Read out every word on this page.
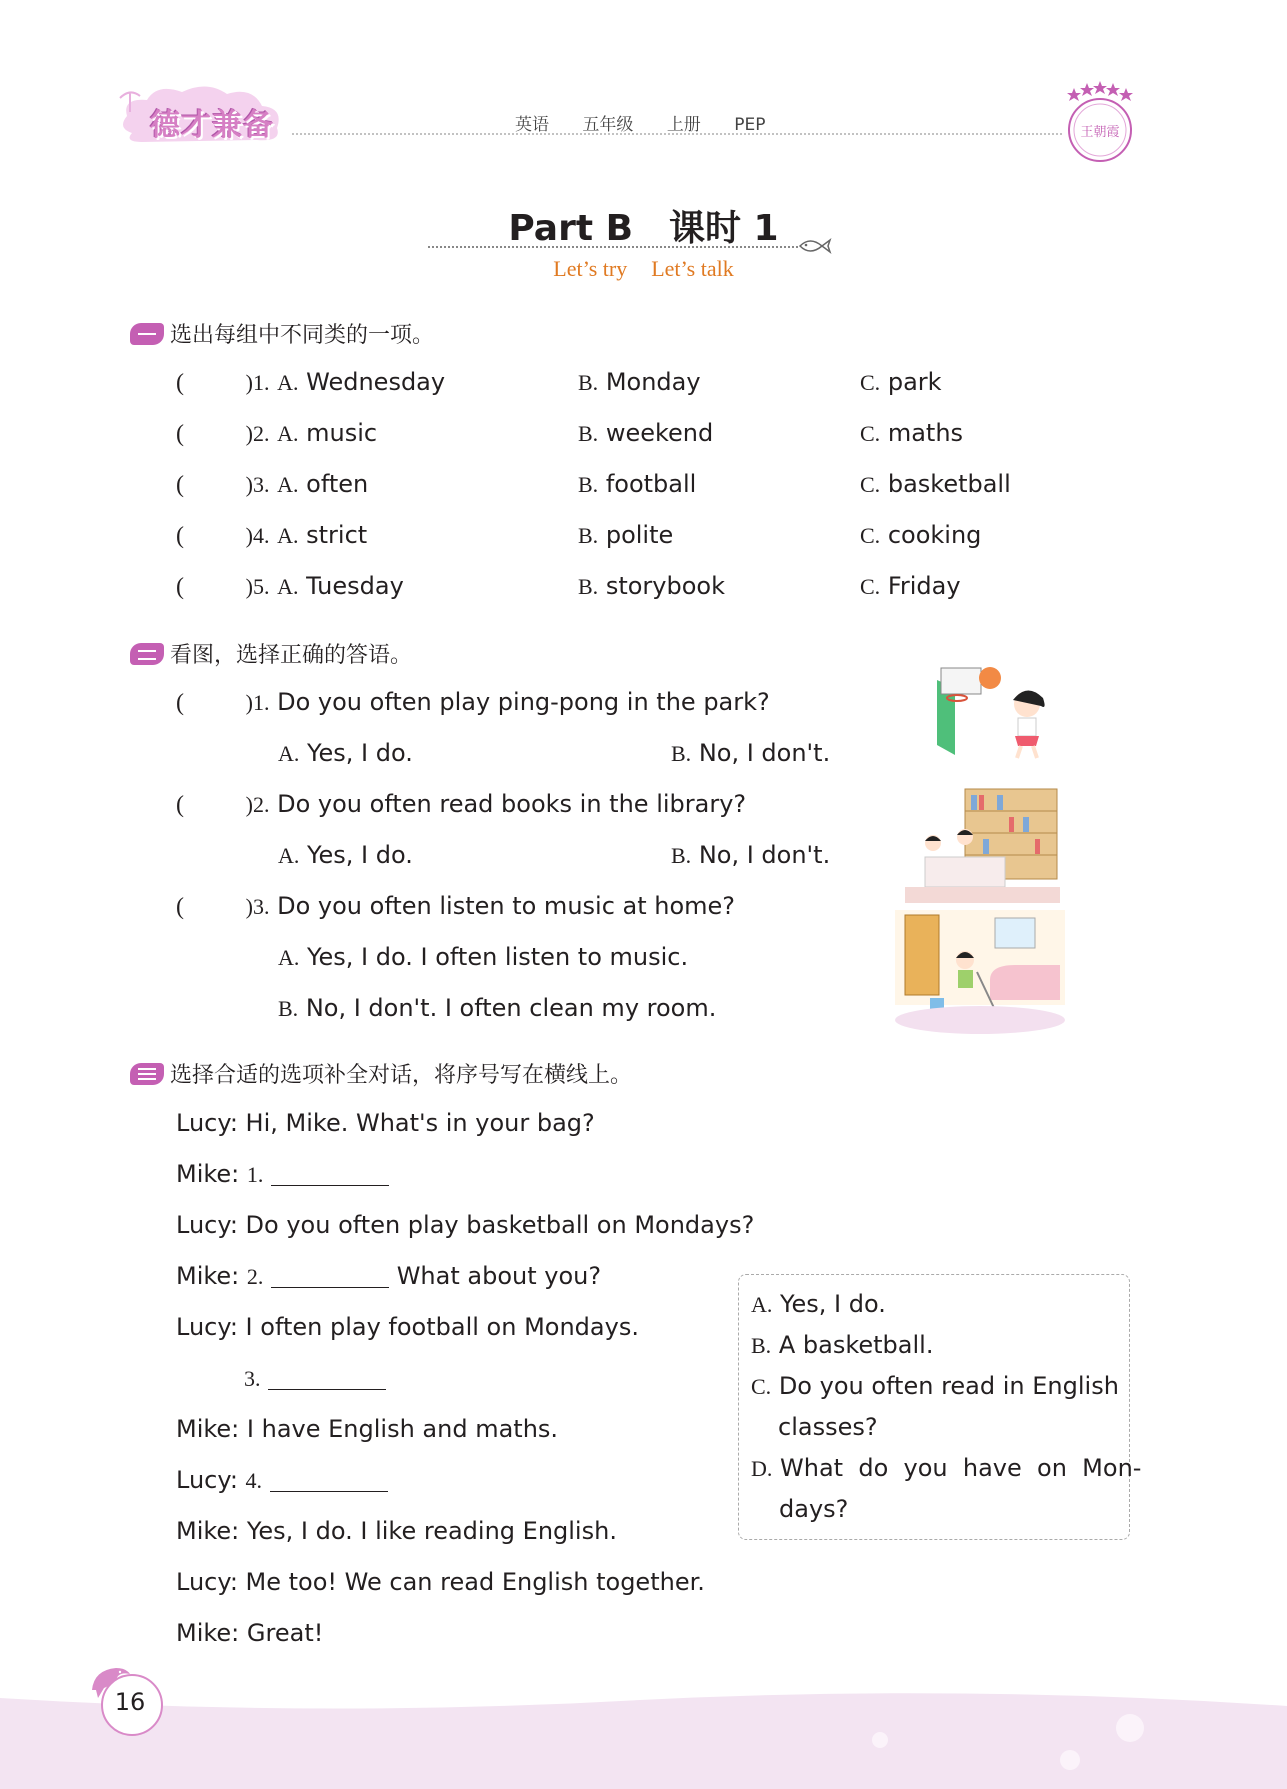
德才兼备	英语 五年级 上册 PEP	王朝霞
Part B　课时 1
Let’s try Let’s talk
选出每组中不同类的一项。
(	)1. A. Wednesday	B. Monday	C. park
(	)2. A. music	B. weekend	C. maths
(	)3. A. often	B. football	C. basketball
(	)4. A. strict	B. polite	C. cooking
(	)5. A. Tuesday	B. storybook	C. Friday
看图，选择正确的答语。
(	)1. Do you often play ping-pong in the park?
A. Yes, I do.	B. No, I don't.
(	)2. Do you often read books in the library?
A. Yes, I do.	B. No, I don't.
(	)3. Do you often listen to music at home?
A. Yes, I do. I often listen to music.
B. No, I don't. I often clean my room.
选择合适的选项补全对话，将序号写在横线上。
Lucy: Hi, Mike. What's in your bag?
Mike: 1.
Lucy: Do you often play basketball on Mondays?
Mike: 2.	What about you?
Lucy: I often play football on Mondays.
3.
Mike: I have English and maths.
Lucy: 4.
Mike: Yes, I do. I like reading English.
Lucy: Me too! We can read English together.
Mike: Great!
A. Yes, I do.
B. A basketball.
C. Do you often read in English
classes?
D. What  do  you  have  on  Mon-
days?
16
